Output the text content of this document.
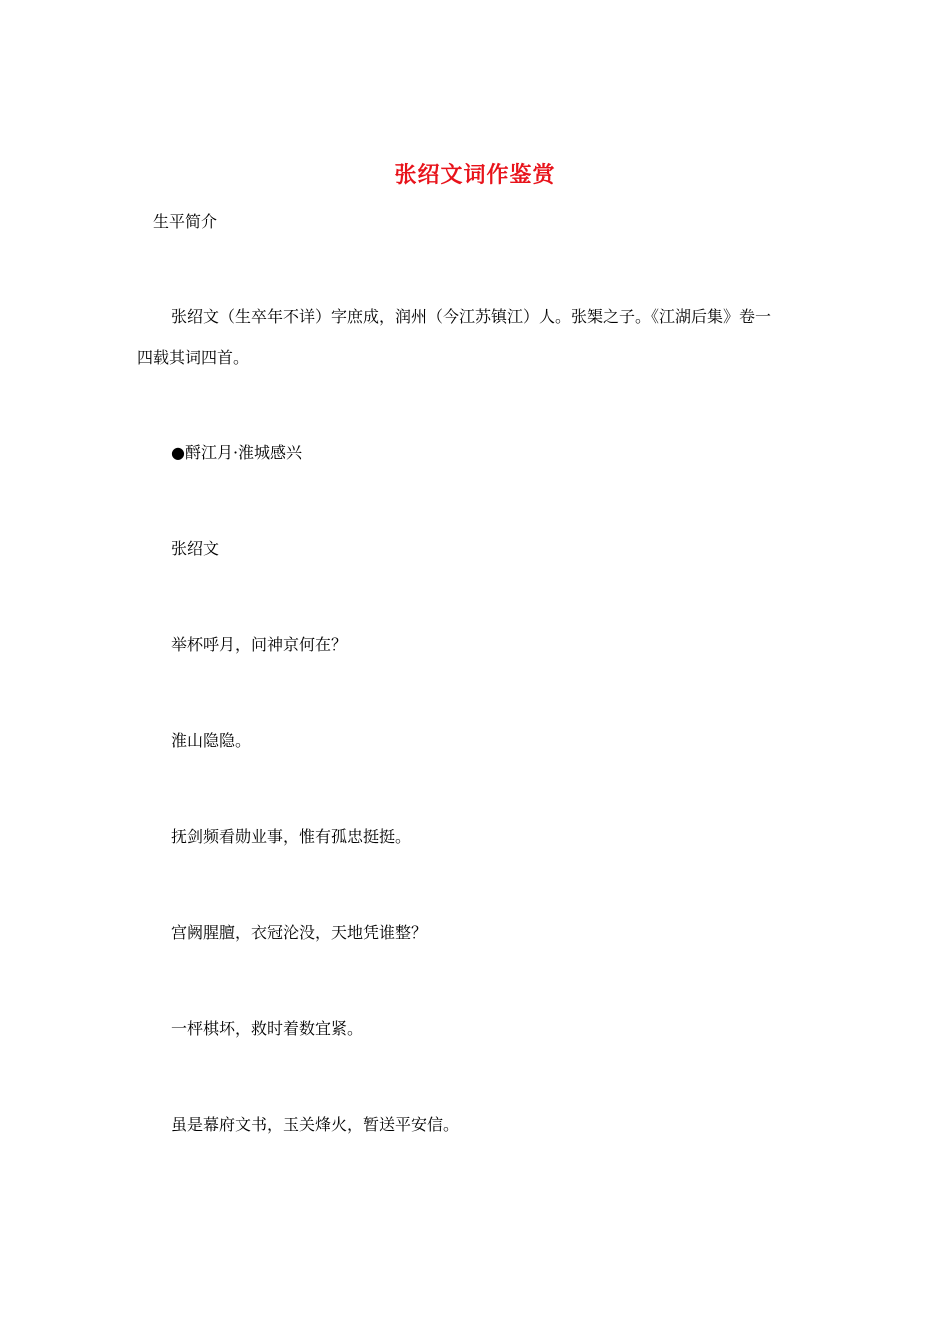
张绍文词作鉴赏
生平简介
张绍文（生卒年不详）字庶成，润州（今江苏镇江）人。张榘之子。《江湖后集》卷一
四载其词四首。
●酹江月·淮城感兴
张绍文
举杯呼月，问神京何在？
淮山隐隐。
抚剑频看勋业事，惟有孤忠挺挺。
宫阙腥膻，衣冠沦没，天地凭谁整？
一枰棋坏，救时着数宜紧。
虽是幕府文书，玉关烽火，暂送平安信。
